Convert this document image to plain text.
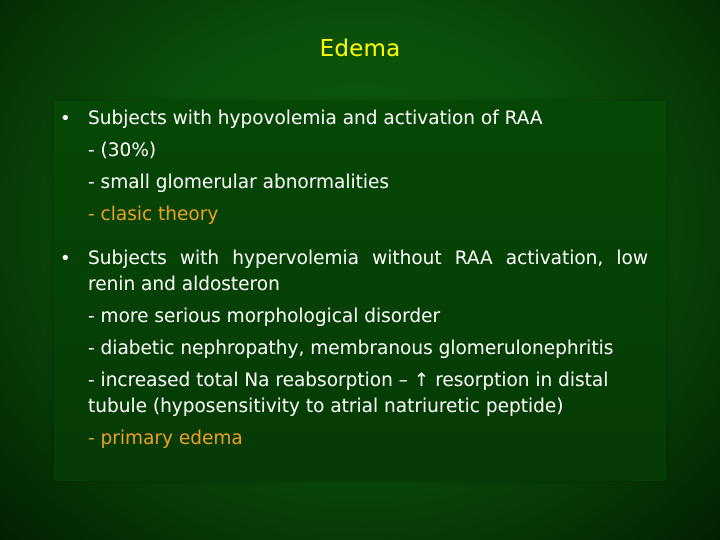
Edema
• Subjects with hypovolemia and activation of RAA
- (30%)
- small glomerular abnormalities
- clasic theory
• Subjects with hypervolemia without RAA activation, low
renin and aldosteron
- more serious morphological disorder
- diabetic nephropathy, membranous glomerulonephritis
- increased total Na reabsorption – ↑ resorption in distal
tubule (hyposensitivity to atrial natriuretic peptide)
- primary edema
